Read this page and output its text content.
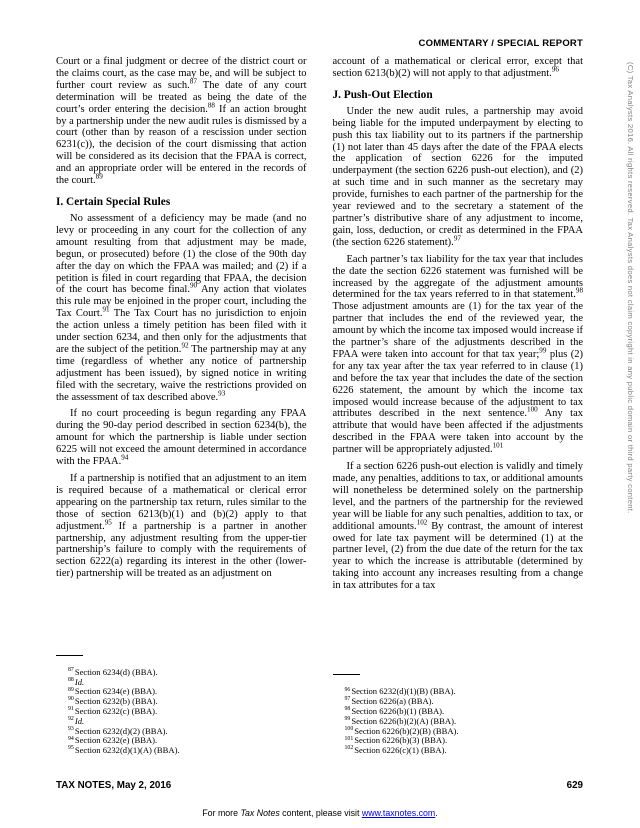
COMMENTARY / SPECIAL REPORT

Court or a final judgment or decree of the district court or the claims court, as the case may be, and will be subject to further court review as such.$^{87}$ The date of any court determination will be treated as being the date of the court’s order entering the decision.$^{88}$ If an action brought by a partnership under the new audit rules is dismissed by a court (other than by reason of a rescission under section 6231(c)), the decision of the court dismissing that action will be considered as its decision that the FPAA is correct, and an appropriate order will be entered in the records of the court.$^{89}$

I. Certain Special Rules

No assessment of a deficiency may be made (and no levy or proceeding in any court for the collection of any amount resulting from that adjustment may be made, begun, or prosecuted) before (1) the close of the 90th day after the day on which the FPAA was mailed; and (2) if a petition is filed in court regarding that FPAA, the decision of the court has become final.$^{90}$ Any action that violates this rule may be enjoined in the proper court, including the Tax Court.$^{91}$ The Tax Court has no jurisdiction to enjoin the action unless a timely petition has been filed with it under section 6234, and then only for the adjustments that are the subject of the petition.$^{92}$ The partnership may at any time (regardless of whether any notice of partnership adjustment has been issued), by signed notice in writing filed with the secretary, waive the restrictions provided on the assessment of tax described above.$^{93}$

If no court proceeding is begun regarding any FPAA during the 90-day period described in section 6234(b), the amount for which the partnership is liable under section 6225 will not exceed the amount determined in accordance with the FPAA.$^{94}$

If a partnership is notified that an adjustment to an item is required because of a mathematical or clerical error appearing on the partnership tax return, rules similar to the those of section 6213(b)(1) and (b)(2) apply to that adjustment.$^{95}$ If a partnership is a partner in another partnership, any adjustment resulting from the upper-tier partnership’s failure to comply with the requirements of section 6222(a) regarding its interest in the other (lower-tier) partnership will be treated as an adjustment on

$^{87}$Section 6234(d) (BBA).
$^{88}$Id.
$^{89}$Section 6234(e) (BBA).
$^{90}$Section 6232(b) (BBA).
$^{91}$Section 6232(c) (BBA).
$^{92}$Id.
$^{93}$Section 6232(d)(2) (BBA).
$^{94}$Section 6232(e) (BBA).
$^{95}$Section 6232(d)(1)(A) (BBA).

account of a mathematical or clerical error, except that section 6213(b)(2) will not apply to that adjustment.$^{96}$

J. Push-Out Election

Under the new audit rules, a partnership may avoid being liable for the imputed underpayment by electing to push this tax liability out to its partners if the partnership (1) not later than 45 days after the date of the FPAA elects the application of section 6226 for the imputed underpayment (the section 6226 push-out election), and (2) at such time and in such manner as the secretary may provide, furnishes to each partner of the partnership for the year reviewed and to the secretary a statement of the partner’s distributive share of any adjustment to income, gain, loss, deduction, or credit as determined in the FPAA (the section 6226 statement).$^{97}$

Each partner’s tax liability for the tax year that includes the date the section 6226 statement was furnished will be increased by the aggregate of the adjustment amounts determined for the tax years referred to in that statement.$^{98}$ Those adjustment amounts are (1) for the tax year of the partner that includes the end of the reviewed year, the amount by which the income tax imposed would increase if the partner’s share of the adjustments described in the FPAA were taken into account for that tax year;$^{99}$ plus (2) for any tax year after the tax year referred to in clause (1) and before the tax year that includes the date of the section 6226 statement, the amount by which the income tax imposed would increase because of the adjustment to tax attributes described in the next sentence.$^{100}$ Any tax attribute that would have been affected if the adjustments described in the FPAA were taken into account by the partner will be appropriately adjusted.$^{101}$

If a section 6226 push-out election is validly and timely made, any penalties, additions to tax, or additional amounts will nonetheless be determined solely on the partnership level, and the partners of the partnership for the reviewed year will be liable for any such penalties, addition to tax, or additional amounts.$^{102}$ By contrast, the amount of interest owed for late tax payment will be determined (1) at the partner level, (2) from the due date of the return for the tax year to which the increase is attributable (determined by taking into account any increases resulting from a change in tax attributes for a tax

$^{96}$Section 6232(d)(1)(B) (BBA).
$^{97}$Section 6226(a) (BBA).
$^{98}$Section 6226(b)(1) (BBA).
$^{99}$Section 6226(b)(2)(A) (BBA).
$^{100}$Section 6226(b)(2)(B) (BBA).
$^{101}$Section 6226(b)(3) (BBA).
$^{102}$Section 6226(c)(1) (BBA).
TAX NOTES, May 2, 2016	629
For more Tax Notes content, please visit www.taxnotes.com.
(C) Tax Analysts 2016. All rights reserved. Tax Analysts does not claim copyright in any public domain or third party content.
